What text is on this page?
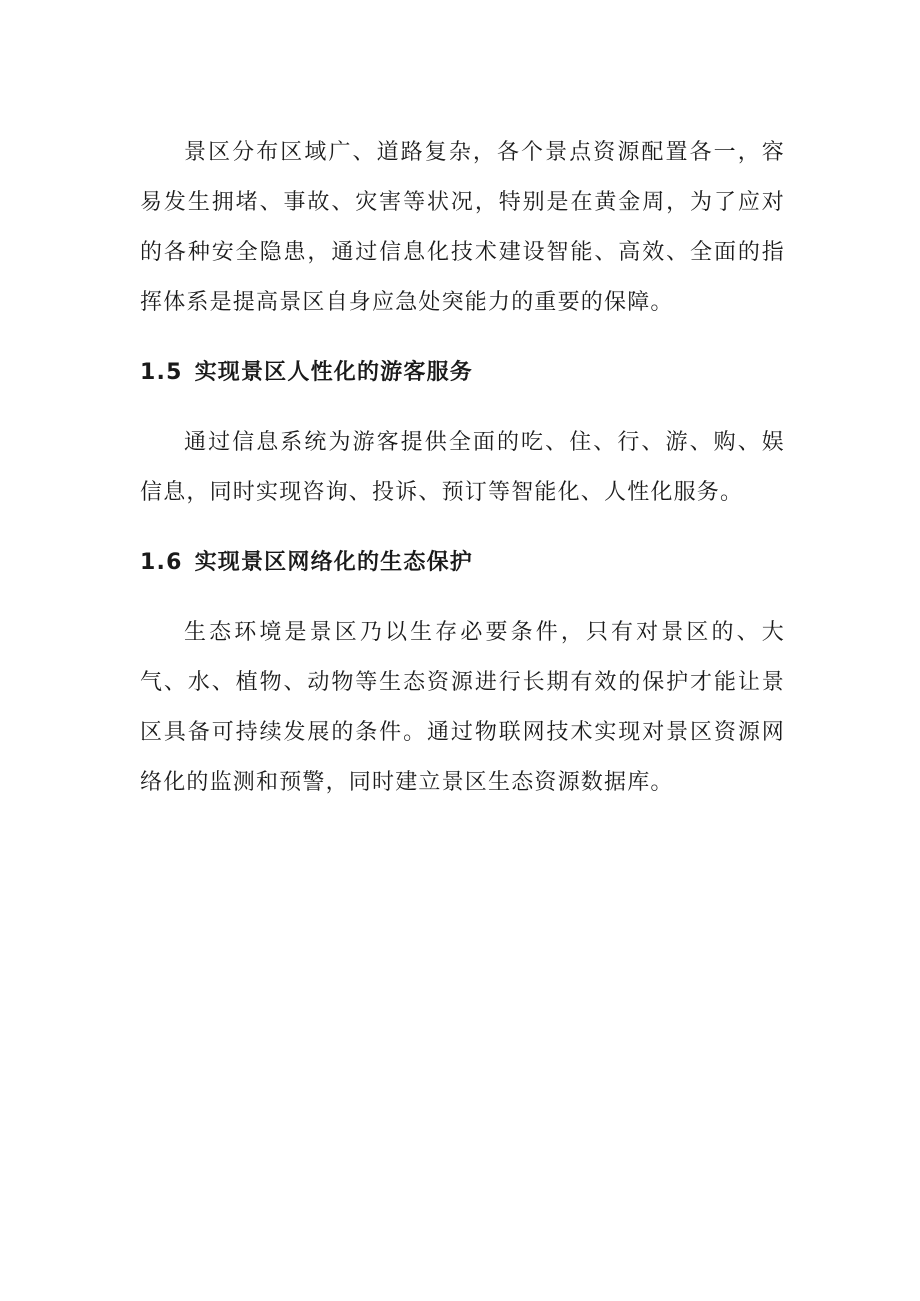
景区分布区域广、道路复杂，各个景点资源配置各一，容易发生拥堵、事故、灾害等状况，特别是在黄金周，为了应对的各种安全隐患，通过信息化技术建设智能、高效、全面的指挥体系是提高景区自身应急处突能力的重要的保障。

1.5 实现景区人性化的游客服务

通过信息系统为游客提供全面的吃、住、行、游、购、娱信息，同时实现咨询、投诉、预订等智能化、人性化服务。

1.6 实现景区网络化的生态保护

生态环境是景区乃以生存必要条件，只有对景区的、大气、水、植物、动物等生态资源进行长期有效的保护才能让景区具备可持续发展的条件。通过物联网技术实现对景区资源网络化的监测和预警，同时建立景区生态资源数据库。
